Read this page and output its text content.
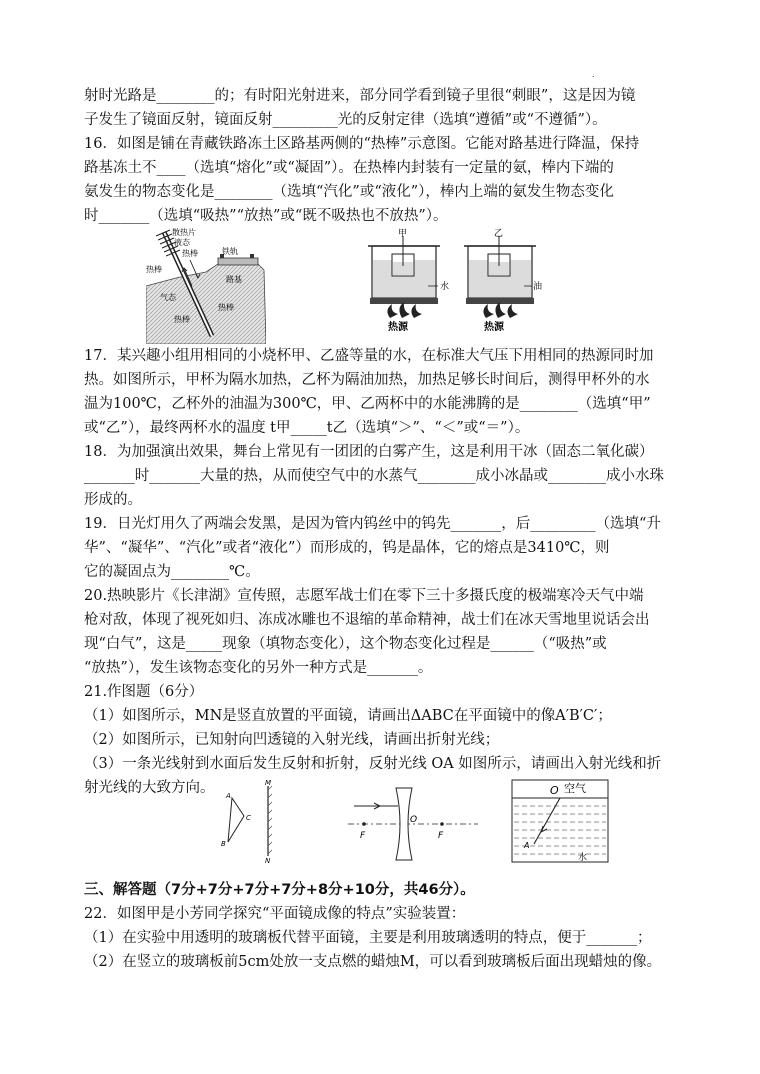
.
射时光路是________的；有时阳光射进来，部分同学看到镜子里很“刺眼”，这是因为镜
子发生了镜面反射，镜面反射_________光的反射定律（选填“遵循”或“不遵循”）。
16．如图是铺在青藏铁路冻土区路基两侧的“热棒”示意图。它能对路基进行降温，保持
路基冻土不____（选填“熔化”或“凝固”）。在热棒内封装有一定量的氨，棒内下端的
氨发生的物态变化是________（选填“汽化”或“液化”），棒内上端的氨发生物态变化
时_______（选填“吸热”“放热”或“既不吸热也不放热”）。
散热片
液态
热棒	铁轨
热棒
路基
气态
热棒
热棒
甲
水
热源
乙
油
热源
17．某兴趣小组用相同的小烧杯甲、乙盛等量的水，在标准大气压下用相同的热源同时加
热。如图所示，甲杯为隔水加热，乙杯为隔油加热，加热足够长时间后，测得甲杯外的水
温为100℃，乙杯外的油温为300℃，甲、乙两杯中的水能沸腾的是________（选填“甲”
或“乙”），最终两杯水的温度 t甲_____t乙（选填“＞”、“＜”或“＝”）。
18．为加强演出效果，舞台上常见有一团团的白雾产生，这是利用干冰（固态二氧化碳）
_______时_______大量的热，从而使空气中的水蒸气________成小冰晶或________成小水珠
形成的。
19．日光灯用久了两端会发黑，是因为管内钨丝中的钨先_______，后_________（选填“升
华”、“凝华”、“汽化”或者“液化”）而形成的，钨是晶体，它的熔点是3410℃，则
它的凝固点为________℃。
20.热映影片《长津湖》宣传照，志愿军战士们在零下三十多摄氏度的极端寒冷天气中端
枪对敌，体现了视死如归、冻成冰雕也不退缩的革命精神，战士们在冰天雪地里说话会出
现“白气”，这是_____现象（填物态变化），这个物态变化过程是______（“吸热”或
“放热”），发生该物态变化的另外一种方式是_______。
21.作图题（6分）
（1）如图所示，MN是竖直放置的平面镜，请画出ΔABC在平面镜中的像A′B′C′；
（2）如图所示，已知射向凹透镜的入射光线，请画出折射光线；
（3）一条光线射到水面后发生反射和折射，反射光线 OA 如图所示，请画出入射光线和折
射光线的大致方向。	M
N
A
C
B
F	F
O
O 空气
A
水
三、解答题（7分+7分+7分+7分+8分+10分，共46分）。
22．如图甲是小芳同学探究“平面镜成像的特点”实验装置：
（1）在实验中用透明的玻璃板代替平面镜，主要是利用玻璃透明的特点，便于_______；
（2）在竖立的玻璃板前5cm处放一支点燃的蜡烛M，可以看到玻璃板后面出现蜡烛的像。
